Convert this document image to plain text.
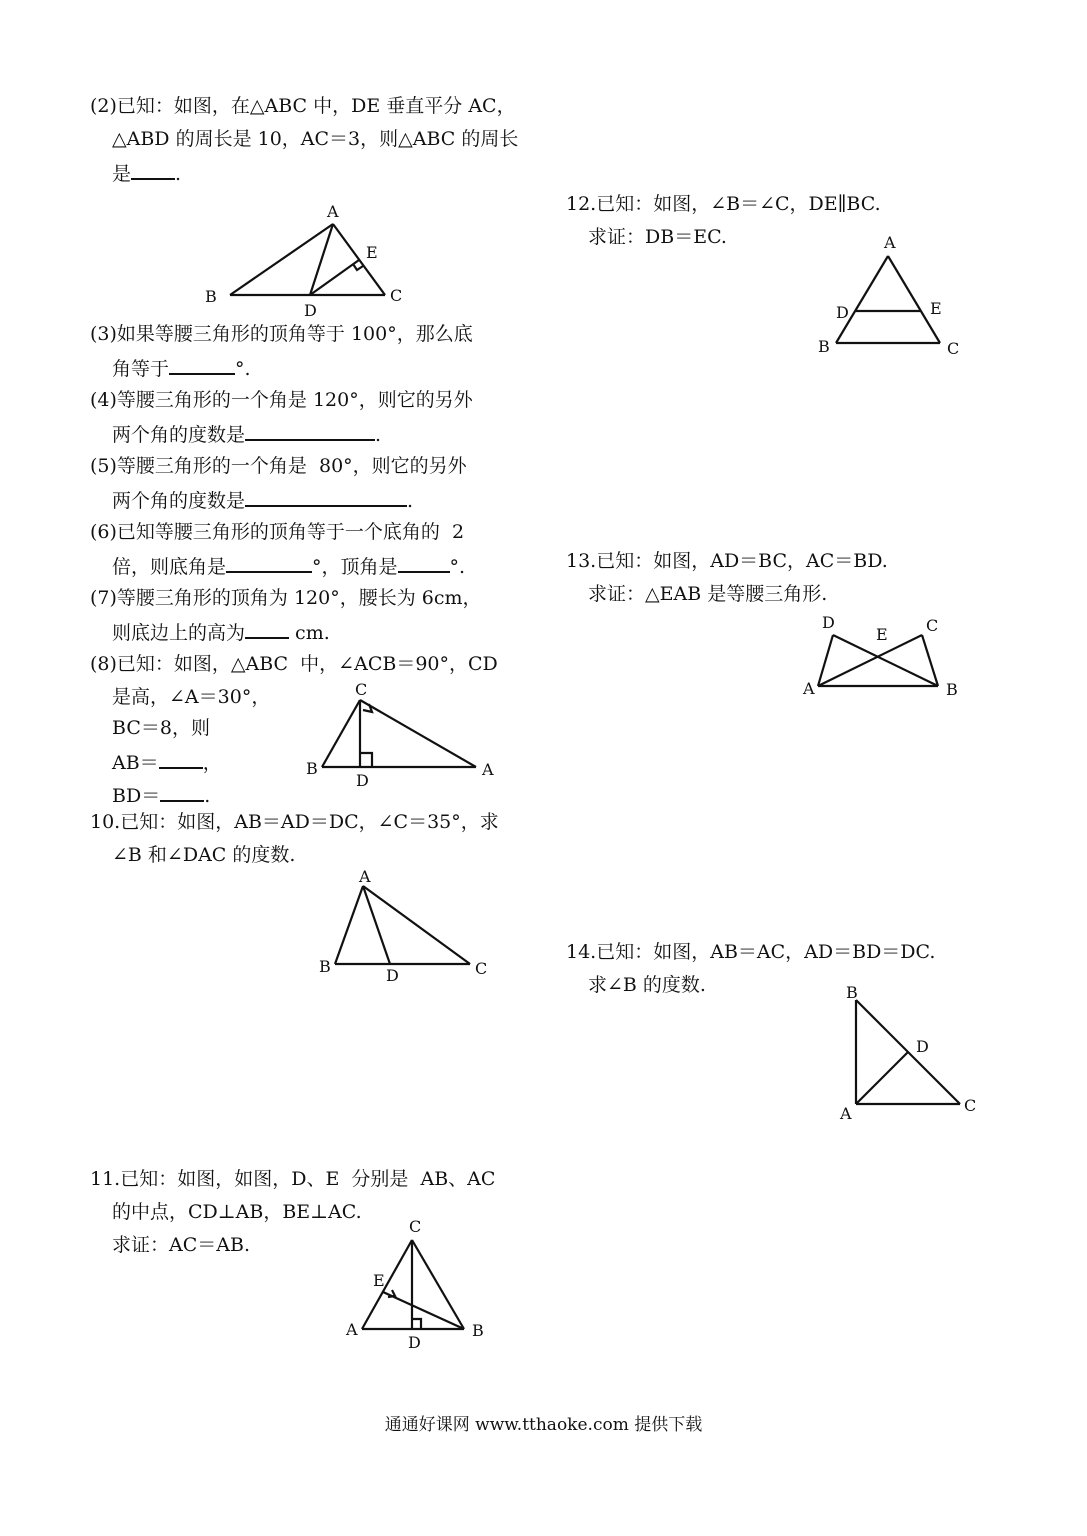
(2)已知：如图，在△ABC 中，DE 垂直平分 AC，
△ABD 的周长是 10，AC＝3，则△ABC 的周长
是 .
A
B	C
D
E
(3)如果等腰三角形的顶角等于 100°，那么底
角等于	°.
(4)等腰三角形的一个角是 120°，则它的另外
两个角的度数是	.
(5)等腰三角形的一个角是  80°，则它的另外
两个角的度数是	.
(6)已知等腰三角形的顶角等于一个底角的  2
倍，则底角是	°，顶角是	°.
(7)等腰三角形的顶角为 120°，腰长为 6cm，
则底边上的高为 cm.
(8)已知：如图，△ABC  中，∠ACB＝90°，CD
是高，∠A＝30°，
BC＝8，则
AB＝ ，
BD＝ .
C
B	A
D
10.已知：如图，AB＝AD＝DC，∠C＝35°，求
∠B 和∠DAC 的度数.
A
B	C
D
11.已知：如图，如图，D、E  分别是  AB、AC
的中点，CD⊥AB，BE⊥AC.
求证：AC＝AB.
C
E
A	B
D
12.已知：如图，∠B＝∠C，DE∥BC.
求证：DB＝EC.	A
D	E
B	C
13.已知：如图，AD＝BC，AC＝BD.
求证：△EAB 是等腰三角形.
D
E C
A	B
14.已知：如图，AB＝AC，AD＝BD＝DC.
求∠B 的度数.	B
D
A	C
通通好课网 www.tthaoke.com 提供下载
